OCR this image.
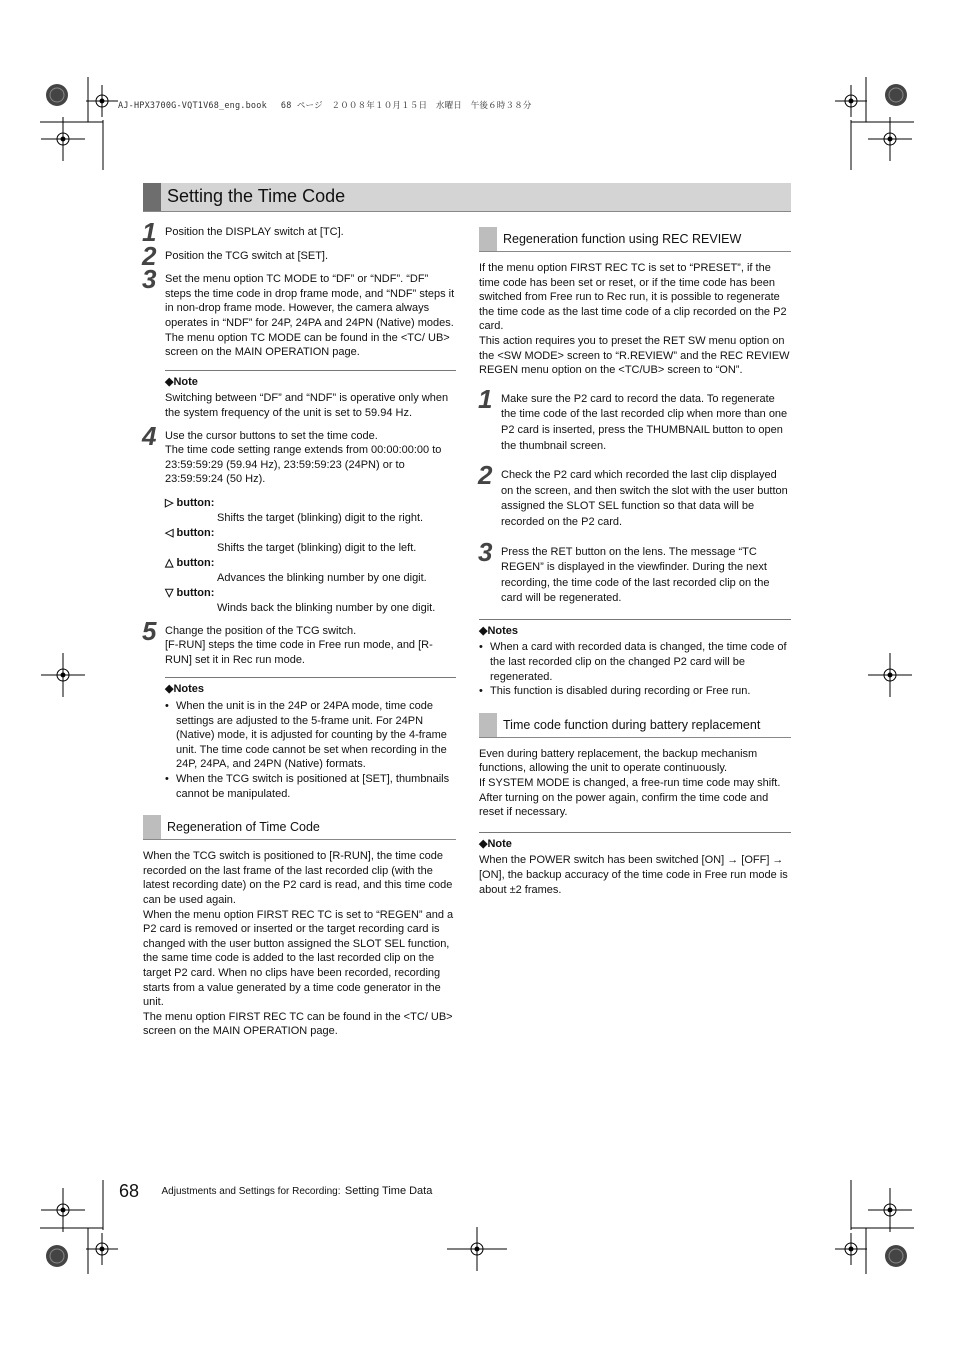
AJ-HPX3700G-VQT1V68_eng.book　 68 ページ　２００８年１０月１５日　水曜日　午後６時３８分
Setting the Time Code
1 Position the DISPLAY switch at [TC].

2 Position the TCG switch at [SET].

3 Set the menu option TC MODE to “DF” or “NDF”. “DF” steps the time code in drop frame mode, and “NDF” steps it in non-drop frame mode. However, the camera always operates in “NDF” for 24P, 24PA and 24PN (Native) modes.

The menu option TC MODE can be found in the <TC/ UB> screen on the MAIN OPERATION page.

◆Note

Switching between “DF” and “NDF” is operative only when the system frequency of the unit is set to 59.94 Hz.

4 Use the cursor buttons to set the time code.

The time code setting range extends from 00:00:00:00 to 23:59:59:29 (59.94 Hz), 23:59:59:23 (24PN) or to 23:59:59:24 (50 Hz).

▷ button:
Shifts the target (blinking) digit to the right.
◁ button:
Shifts the target (blinking) digit to the left.
△ button:
Advances the blinking number by one digit.
▽ button:
Winds back the blinking number by one digit.
5 Change the position of the TCG switch.

[F-RUN] steps the time code in Free run mode, and [R-RUN] set it in Rec run mode.

◆Notes

• When the unit is in the 24P or 24PA mode, time code settings are adjusted to the 5-frame unit. For 24PN (Native) mode, it is adjusted for counting by the 4-frame unit. The time code cannot be set when recording in the 24P, 24PA, and 24PN (Native) formats.
• When the TCG switch is positioned at [SET], thumbnails cannot be manipulated.
Regeneration of Time Code

When the TCG switch is positioned to [R-RUN], the time code recorded on the last frame of the last recorded clip (with the latest recording date) on the P2 card is read, and this time code can be used again.

When the menu option FIRST REC TC is set to “REGEN” and a P2 card is removed or inserted or the target recording card is changed with the user button assigned the SLOT SEL function, the same time code is added to the last recorded clip on the target P2 card. When no clips have been recorded, recording starts from a value generated by a time code generator in the unit.

The menu option FIRST REC TC can be found in the <TC/ UB> screen on the MAIN OPERATION page.

Regeneration function using REC REVIEW

If the menu option FIRST REC TC is set to “PRESET”, if the time code has been set or reset, or if the time code has been switched from Free run to Rec run, it is possible to regenerate the time code as the last time code of a clip recorded on the P2 card.

This action requires you to preset the RET SW menu option on the <SW MODE> screen to “R.REVIEW” and the REC REVIEW REGEN menu option on the <TC/UB> screen to “ON”.

1 Make sure the P2 card to record the data. To regenerate the time code of the last recorded clip when more than one P2 card is inserted, press the THUMBNAIL button to open the thumbnail screen.

2 Check the P2 card which recorded the last clip displayed on the screen, and then switch the slot with the user button assigned the SLOT SEL function so that data will be recorded on the P2 card.

3 Press the RET button on the lens. The message “TC REGEN” is displayed in the viewfinder. During the next recording, the time code of the last recorded clip on the card will be regenerated.

◆Notes

• When a card with recorded data is changed, the time code of the last recorded clip on the changed P2 card will be regenerated.
• This function is disabled during recording or Free run.
Time code function during battery replacement

Even during battery replacement, the backup mechanism functions, allowing the unit to operate continuously.

If SYSTEM MODE is changed, a free-run time code may shift. After turning on the power again, confirm the time code and reset if necessary.

◆Note

When the POWER switch has been switched [ON] → [OFF] → [ON], the backup accuracy of the time code in Free run mode is about ±2 frames.

68 Adjustments and Settings for Recording: Setting Time Data
